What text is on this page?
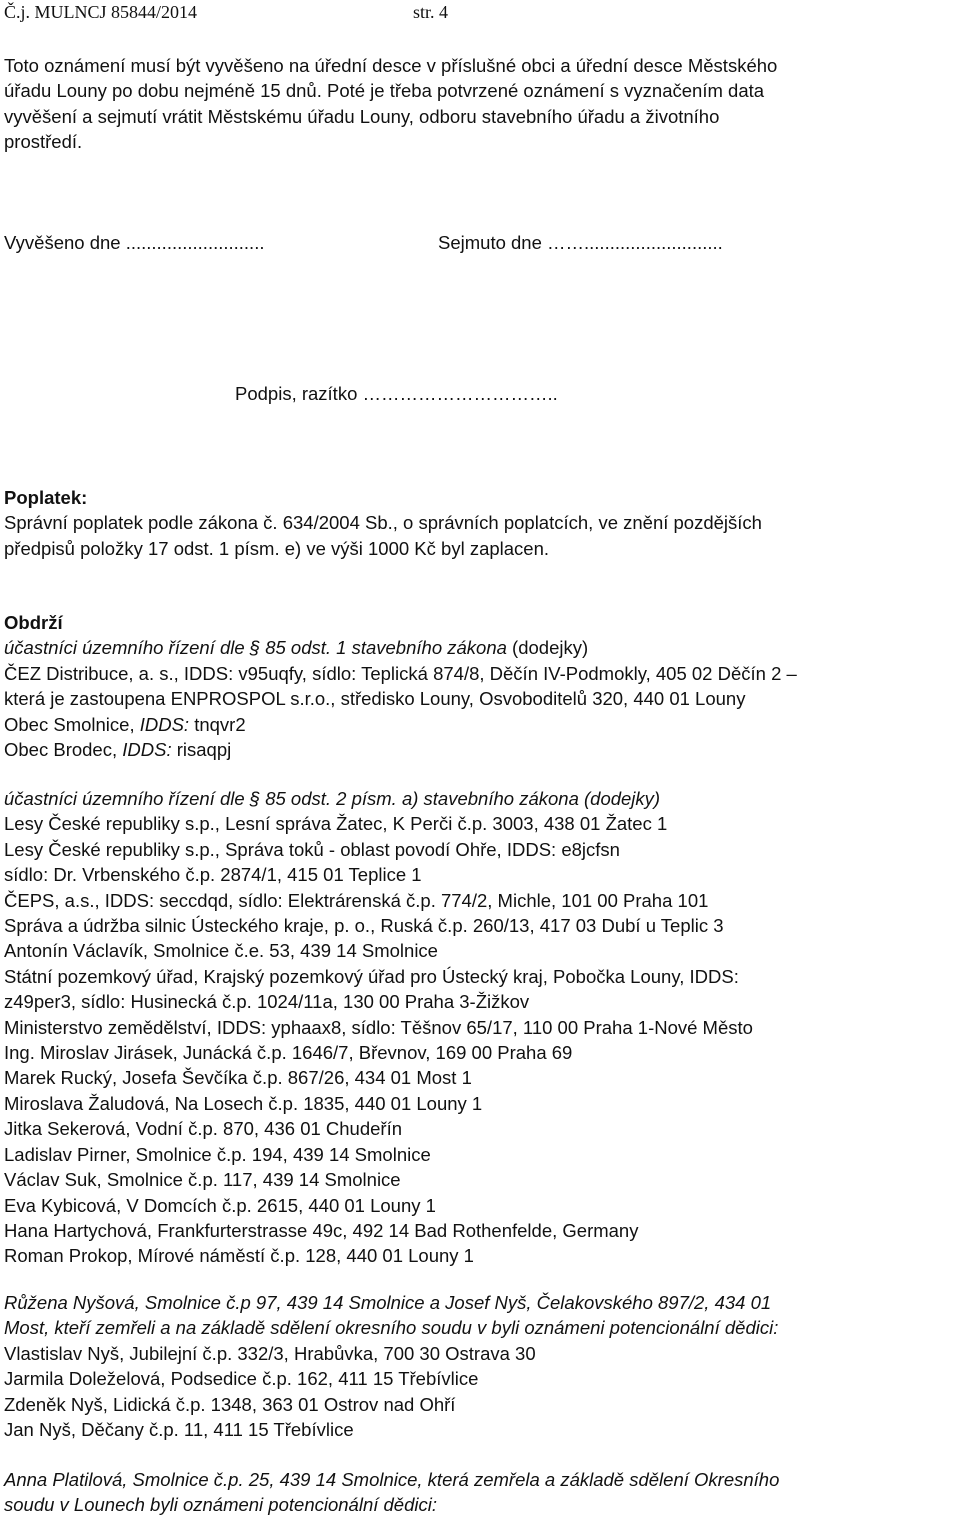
Č.j. MULNCJ 85844/2014	str. 4
Toto oznámení musí být vyvěšeno na úřední desce v příslušné obci a úřední desce Městského
úřadu Louny po dobu nejméně 15 dnů. Poté je třeba potvrzené oznámení s vyznačením data
vyvěšení a sejmutí vrátit Městskému úřadu Louny, odboru stavebního úřadu a životního
prostředí.
Vyvěšeno dne ...........................	Sejmuto dne ……...........................
Podpis, razítko …………………………..
Poplatek:
Správní poplatek podle zákona č. 634/2004 Sb., o správních poplatcích, ve znění pozdějších
předpisů položky 17 odst. 1 písm. e) ve výši 1000 Kč byl zaplacen.
Obdrží
účastníci územního řízení dle § 85 odst. 1 stavebního zákona (dodejky)
ČEZ Distribuce, a. s., IDDS: v95uqfy, sídlo: Teplická 874/8, Děčín IV-Podmokly, 405 02 Děčín 2 –
která je zastoupena ENPROSPOL s.r.o., středisko Louny, Osvoboditelů 320, 440 01 Louny
Obec Smolnice, IDDS: tnqvr2
Obec Brodec, IDDS: risaqpj
účastníci územního řízení dle § 85 odst. 2 písm. a) stavebního zákona (dodejky)
Lesy České republiky s.p., Lesní správa Žatec, K Perči č.p. 3003, 438 01 Žatec 1
Lesy České republiky s.p., Správa toků - oblast povodí Ohře, IDDS: e8jcfsn
sídlo: Dr. Vrbenského č.p. 2874/1, 415 01 Teplice 1
ČEPS, a.s., IDDS: seccdqd, sídlo: Elektrárenská č.p. 774/2, Michle, 101 00 Praha 101
Správa a údržba silnic Ústeckého kraje, p. o., Ruská č.p. 260/13, 417 03 Dubí u Teplic 3
Antonín Václavík, Smolnice č.e. 53, 439 14 Smolnice
Státní pozemkový úřad, Krajský pozemkový úřad pro Ústecký kraj, Pobočka Louny, IDDS:
z49per3, sídlo: Husinecká č.p. 1024/11a, 130 00 Praha 3-Žižkov
Ministerstvo zemědělství, IDDS: yphaax8, sídlo: Těšnov 65/17, 110 00 Praha 1-Nové Město
Ing. Miroslav Jirásek, Junácká č.p. 1646/7, Břevnov, 169 00 Praha 69
Marek Rucký, Josefa Ševčíka č.p. 867/26, 434 01 Most 1
Miroslava Žaludová, Na Losech č.p. 1835, 440 01 Louny 1
Jitka Sekerová, Vodní č.p. 870, 436 01 Chudeřín
Ladislav Pirner, Smolnice č.p. 194, 439 14 Smolnice
Václav Suk, Smolnice č.p. 117, 439 14 Smolnice
Eva Kybicová, V Domcích č.p. 2615, 440 01 Louny 1
Hana Hartychová, Frankfurterstrasse 49c, 492 14 Bad Rothenfelde, Germany
Roman Prokop, Mírové náměstí č.p. 128, 440 01 Louny 1
Růžena Nyšová, Smolnice č.p 97, 439 14 Smolnice a Josef Nyš, Čelakovského 897/2, 434 01
Most, kteří zemřeli a na základě sdělení okresního soudu v byli oznámeni potencionální dědici:
Vlastislav Nyš, Jubilejní č.p. 332/3, Hrabůvka, 700 30 Ostrava 30
Jarmila Doleželová, Podsedice č.p. 162, 411 15 Třebívlice
Zdeněk Nyš, Lidická č.p. 1348, 363 01 Ostrov nad Ohří
Jan Nyš, Děčany č.p. 11, 411 15 Třebívlice
Anna Platilová, Smolnice č.p. 25, 439 14 Smolnice, která zemřela a základě sdělení Okresního
soudu v Lounech byli oznámeni potencionální dědici:
